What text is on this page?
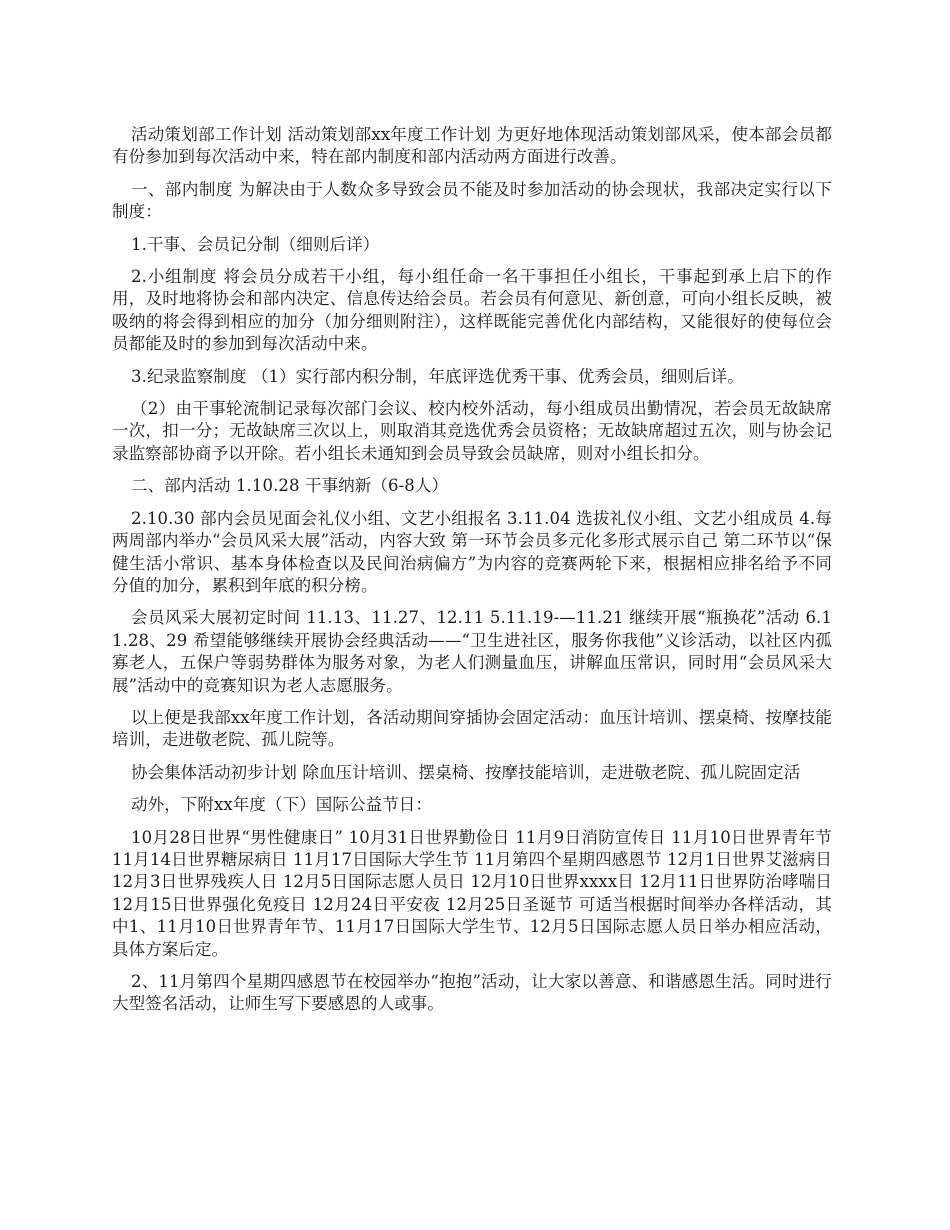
活动策划部工作计划 活动策划部xx年度工作计划 为更好地体现活动策划部风采，使本部会员都有份参加到每次活动中来，特在部内制度和部内活动两方面进行改善。

一、部内制度 为解决由于人数众多导致会员不能及时参加活动的协会现状，我部决定实行以下制度：

1.干事、会员记分制（细则后详）

2.小组制度 将会员分成若干小组，每小组任命一名干事担任小组长，干事起到承上启下的作用，及时地将协会和部内决定、信息传达给会员。若会员有何意见、新创意，可向小组长反映，被吸纳的将会得到相应的加分（加分细则附注），这样既能完善优化内部结构，又能很好的使每位会员都能及时的参加到每次活动中来。

3.纪录监察制度 （1）实行部内积分制，年底评选优秀干事、优秀会员，细则后详。

（2）由干事轮流制记录每次部门会议、校内校外活动，每小组成员出勤情况，若会员无故缺席一次，扣一分；无故缺席三次以上，则取消其竞选优秀会员资格；无故缺席超过五次，则与协会记录监察部协商予以开除。若小组长未通知到会员导致会员缺席，则对小组长扣分。

二、部内活动 1.10.28 干事纳新（6-8人）

2.10.30 部内会员见面会礼仪小组、文艺小组报名 3.11.04 选拔礼仪小组、文艺小组成员 4.每两周部内举办“会员风采大展”活动，内容大致 第一环节会员多元化多形式展示自己 第二环节以“保健生活小常识、基本身体检查以及民间治病偏方”为内容的竞赛两轮下来，根据相应排名给予不同分值的加分，累积到年底的积分榜。

会员风采大展初定时间 11.13、11.27、12.11 5.11.19-—11.21 继续开展“瓶换花”活动 6.11.28、29 希望能够继续开展协会经典活动——“卫生进社区，服务你我他”义诊活动，以社区内孤寡老人，五保户等弱势群体为服务对象，为老人们测量血压，讲解血压常识，同时用“会员风采大展”活动中的竞赛知识为老人志愿服务。

以上便是我部xx年度工作计划，各活动期间穿插协会固定活动：血压计培训、摆桌椅、按摩技能培训，走进敬老院、孤儿院等。

协会集体活动初步计划 除血压计培训、摆桌椅、按摩技能培训，走进敬老院、孤儿院固定活

动外，下附xx年度（下）国际公益节日：

10月28日世界“男性健康日” 10月31日世界勤俭日 11月9日消防宣传日 11月10日世界青年节 11月14日世界糖尿病日 11月17日国际大学生节 11月第四个星期四感恩节 12月1日世界艾滋病日 12月3日世界残疾人日 12月5日国际志愿人员日 12月10日世界xxxx日 12月11日世界防治哮喘日 12月15日世界强化免疫日 12月24日平安夜 12月25日圣诞节 可适当根据时间举办各样活动，其中1、11月10日世界青年节、11月17日国际大学生节、12月5日国际志愿人员日举办相应活动，具体方案后定。

2、11月第四个星期四感恩节在校园举办“抱抱”活动，让大家以善意、和谐感恩生活。同时进行大型签名活动，让师生写下要感恩的人或事。
